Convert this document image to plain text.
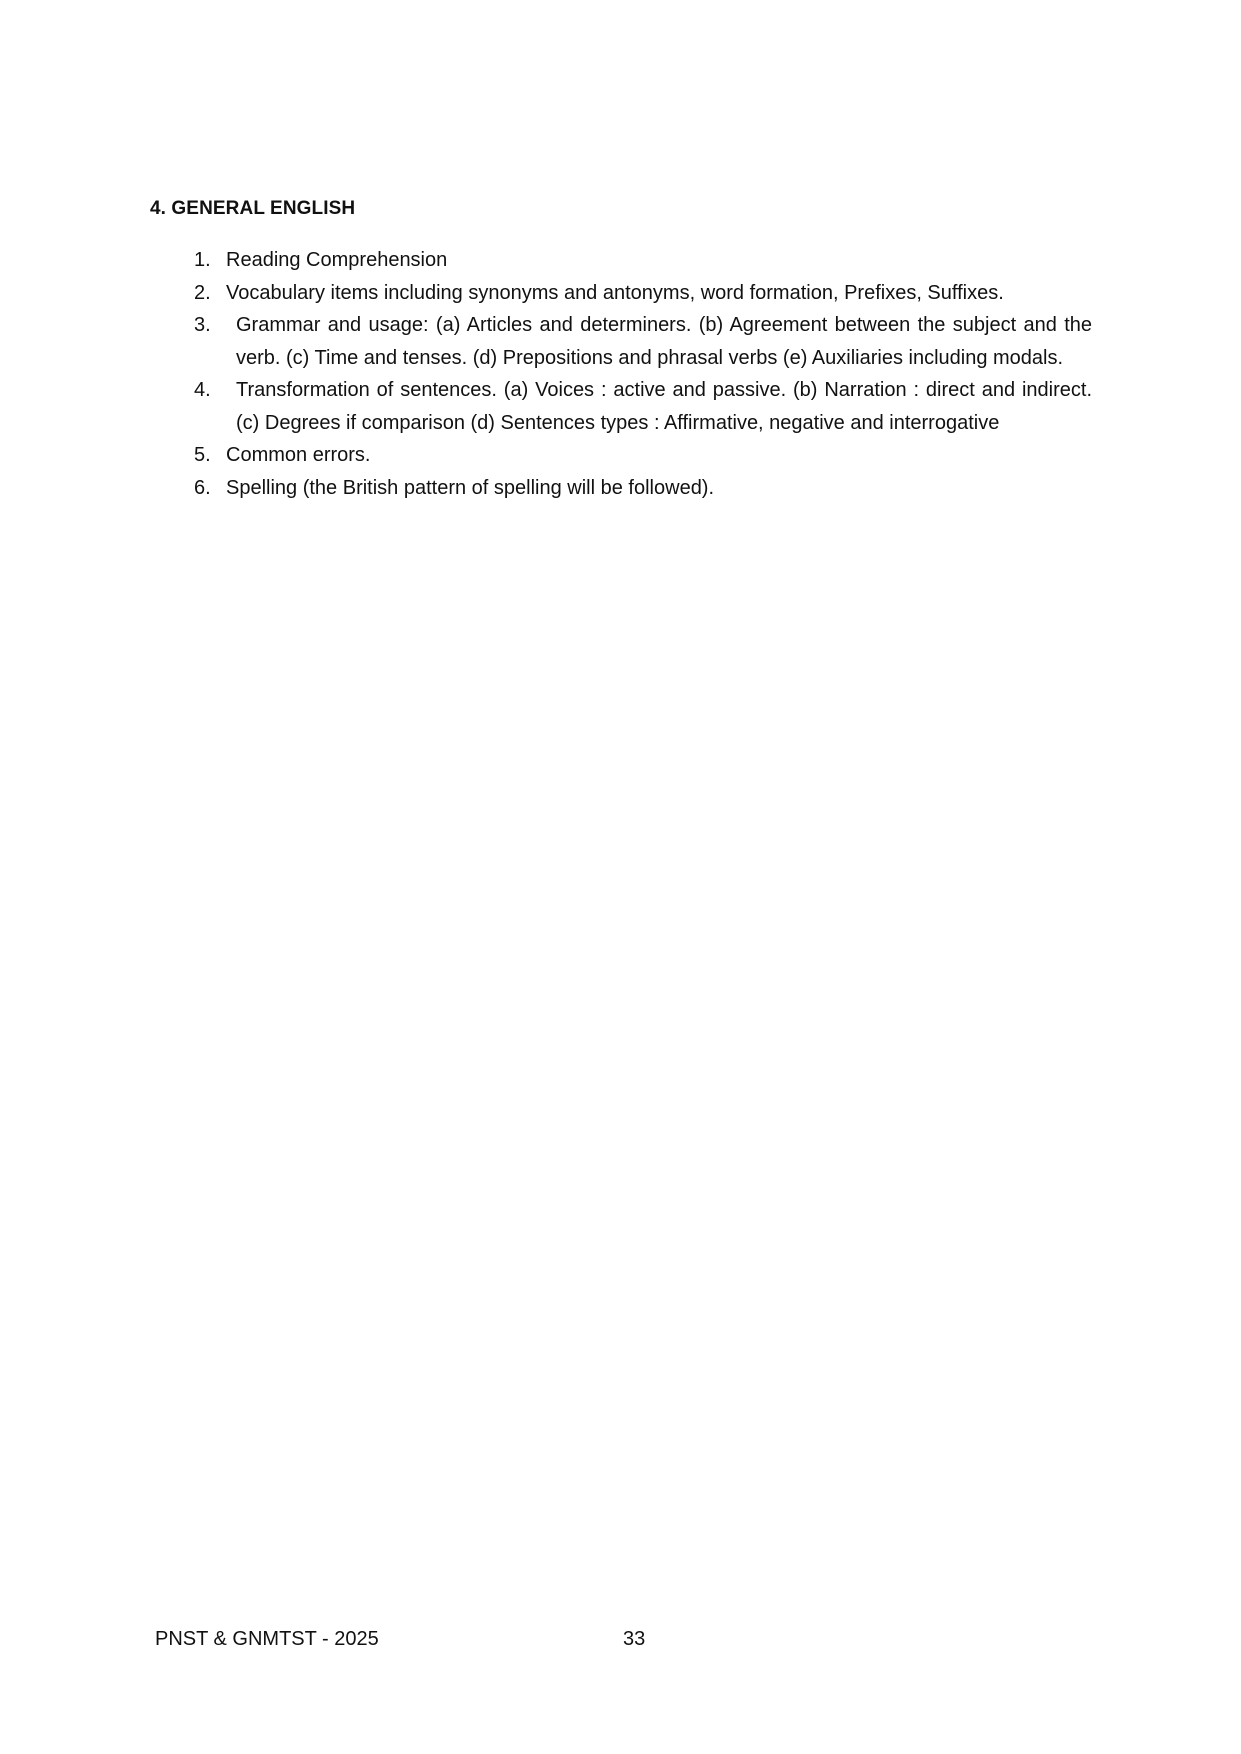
4. GENERAL ENGLISH
1. Reading Comprehension
2. Vocabulary items including synonyms and antonyms, word formation, Prefixes, Suffixes.
3.	Grammar and usage: (a) Articles and determiners. (b) Agreement between the subject and the verb. (c) Time and tenses. (d) Prepositions and phrasal verbs (e) Auxiliaries including modals.
4.	Transformation of sentences. (a) Voices : active and passive. (b) Narration : direct and indirect. (c) Degrees if comparison (d) Sentences types : Affirmative, negative and interrogative
5. Common errors.
6. Spelling (the British pattern of spelling will be followed).
PNST & GNMTST - 2025	33
